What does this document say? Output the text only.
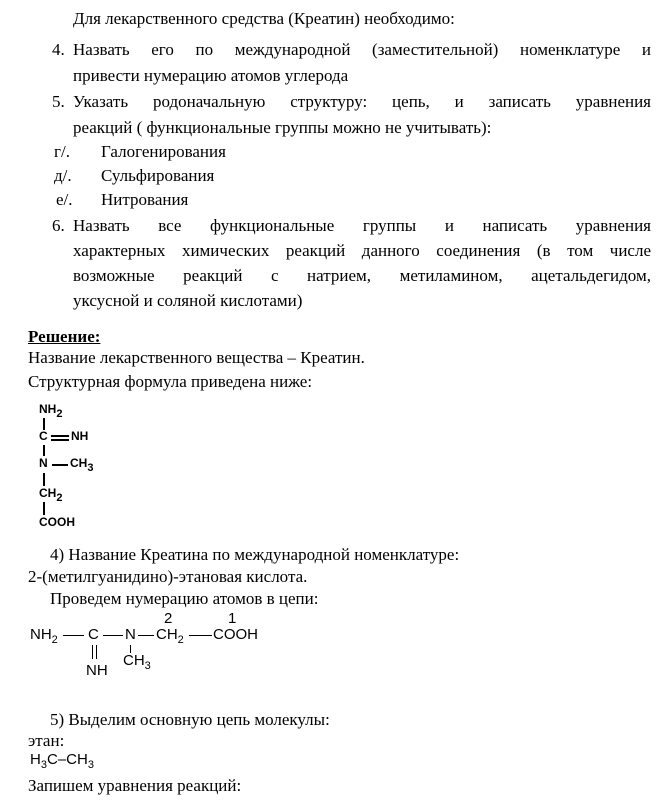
Для лекарственного средства (Креатин) необходимо:
4. Назвать его по международной (заместительной) номенклатуре и
привести нумерацию атомов углерода
5. Указать родоначальную структуру: цепь, и записать уравнения
реакций ( функциональные группы можно не учитывать):
г/. Галогенирования
д/. Сульфирования
е/. Нитрования
6. Назвать все функциональные группы и написать уравнения
характерных химических реакций данного соединения (в том числе
возможные реакций с натрием, метиламином, ацетальдегидом,
уксусной и соляной кислотами)
Решение:
Название лекарственного вещества – Креатин.
Структурная формула приведена ниже:
$NH_2$
C NH
N $CH_3$
$CH_2$
COOH
4) Название Креатина по международной номенклатуре:
2-(метилгуанидино)-этановая кислота.
Проведем нумерацию атомов в цепи:
2	1
$NH_2$ C N $CH_2$ COOH
NH
$CH_3$
5) Выделим основную цепь молекулы:
этан:
$H_3C-CH_3$
Запишем уравнения реакций:
